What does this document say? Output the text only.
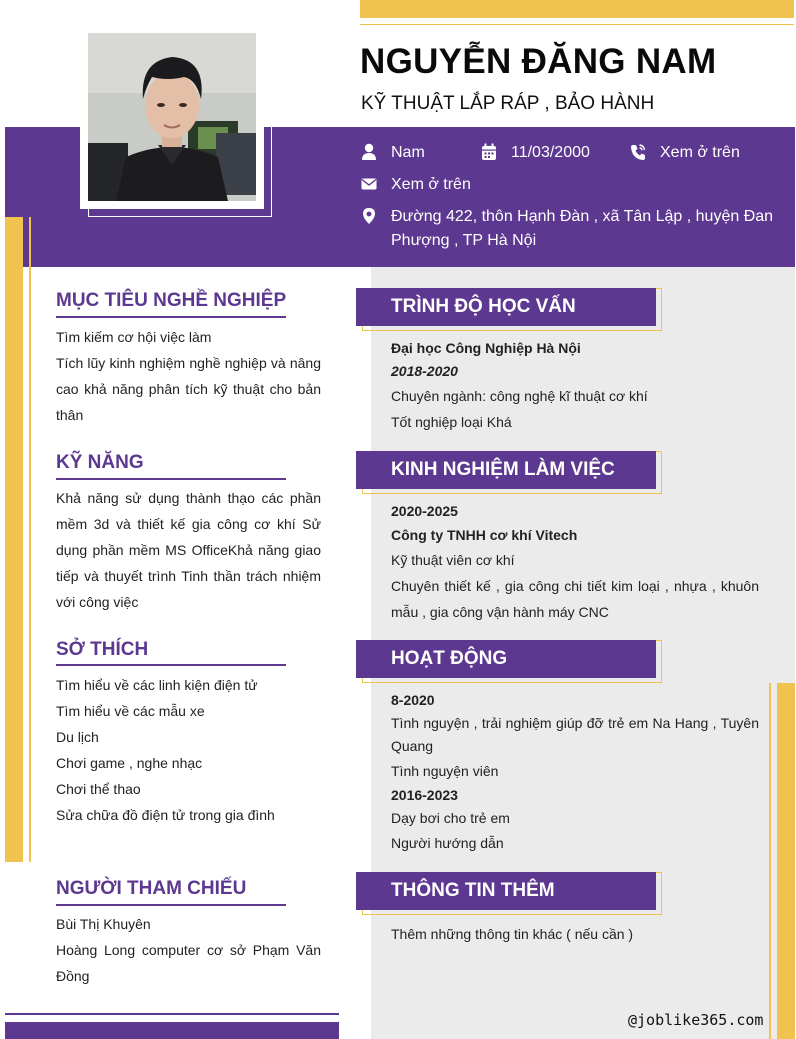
NGUYỄN ĐĂNG NAM
KỸ THUẬT LẮP RÁP , BẢO HÀNH
Nam	11/03/2000	Xem ở trên
Xem ở trên
Đường 422, thôn Hạnh Đàn , xã Tân Lập , huyện Đan
Phượng , TP Hà Nội
MỤC TIÊU NGHỀ NGHIỆP

Tìm kiếm cơ hội việc làm

Tích lũy kinh nghiệm nghề nghiệp và nâng cao khả năng phân tích kỹ thuật cho bản thân

KỸ NĂNG

Khả năng sử dụng thành thạo các phần mềm 3d và thiết kế gia công cơ khí Sử dụng phần mềm MS OfficeKhả năng giao tiếp và thuyết trình Tinh thần trách nhiệm với công việc

SỞ THÍCH

Tìm hiểu về các linh kiện điện tử

Tìm hiểu về các mẫu xe

Du lịch

Chơi game , nghe nhạc

Chơi thể thao

Sửa chữa đồ điện tử trong gia đình

NGƯỜI THAM CHIẾU

Bùi Thị Khuyên

Hoàng Long computer cơ sở Phạm Văn Đồng

TRÌNH ĐỘ HỌC VẤN
Đại học Công Nghiệp Hà Nội
2018-2020
Chuyên ngành: công nghệ kĩ thuật cơ khí
Tốt nghiệp loại Khá
KINH NGHIỆM LÀM VIỆC
2020-2025
Công ty TNHH cơ khí Vitech
Kỹ thuật viên cơ khí
Chuyên thiết kế , gia công chi tiết kim loại , nhựa , khuôn mẫu , gia công vận hành máy CNC
HOẠT ĐỘNG
8-2020
Tình nguyện , trải nghiệm giúp đỡ trẻ em Na Hang , Tuyên Quang
Tình nguyện viên
2016-2023
Dạy bơi cho trẻ em
Người hướng dẫn
THÔNG TIN THÊM
Thêm những thông tin khác ( nếu cần )
@joblike365.com
